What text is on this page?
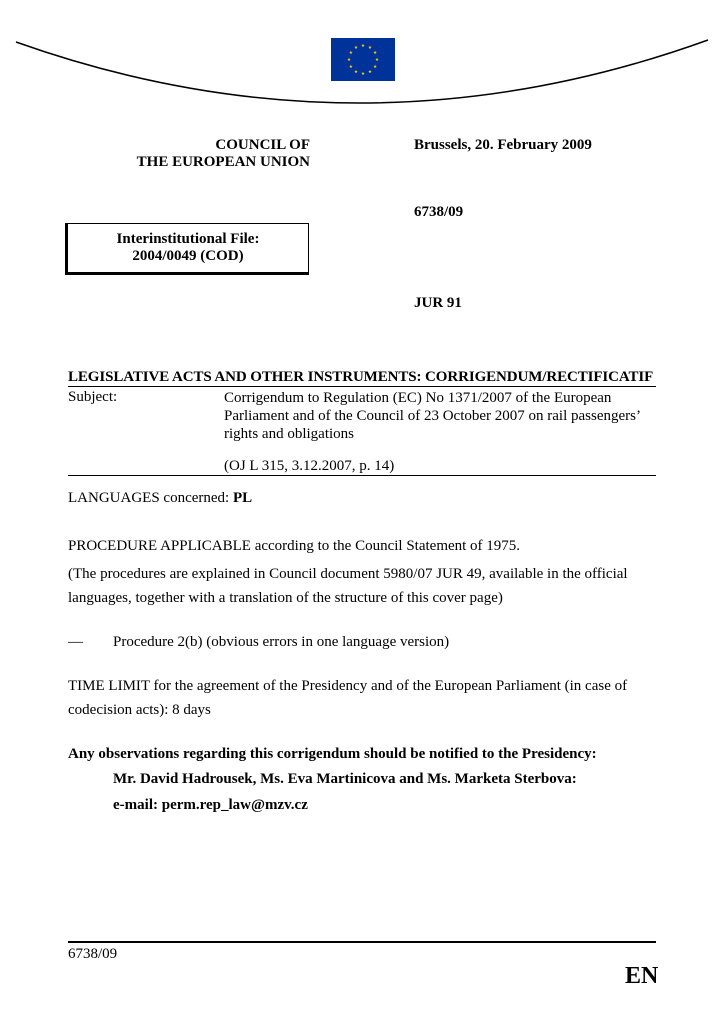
COUNCIL OF
THE EUROPEAN UNION
Brussels, 20. February 2009
6738/09
Interinstitutional File:
2004/0049 (COD)
JUR 91
LEGISLATIVE ACTS AND OTHER INSTRUMENTS: CORRIGENDUM/RECTIFICATIF
Subject:	Corrigendum to Regulation (EC) No 1371/2007 of the European Parliament and of the Council of 23 October 2007 on rail passengers’ rights and obligations
(OJ L 315, 3.12.2007, p. 14)
LANGUAGES concerned: PL
PROCEDURE APPLICABLE according to the Council Statement of 1975.
(The procedures are explained in Council document 5980/07 JUR 49, available in the official languages, together with a translation of the structure of this cover page)
— Procedure 2(b) (obvious errors in one language version)
TIME LIMIT for the agreement of the Presidency and of the European Parliament (in case of codecision acts): 8 days
Any observations regarding this corrigendum should be notified to the Presidency:
Mr. David Hadrousek, Ms. Eva Martinicova and Ms. Marketa Sterbova:
e-mail: perm.rep_law@mzv.cz
6738/09
EN
